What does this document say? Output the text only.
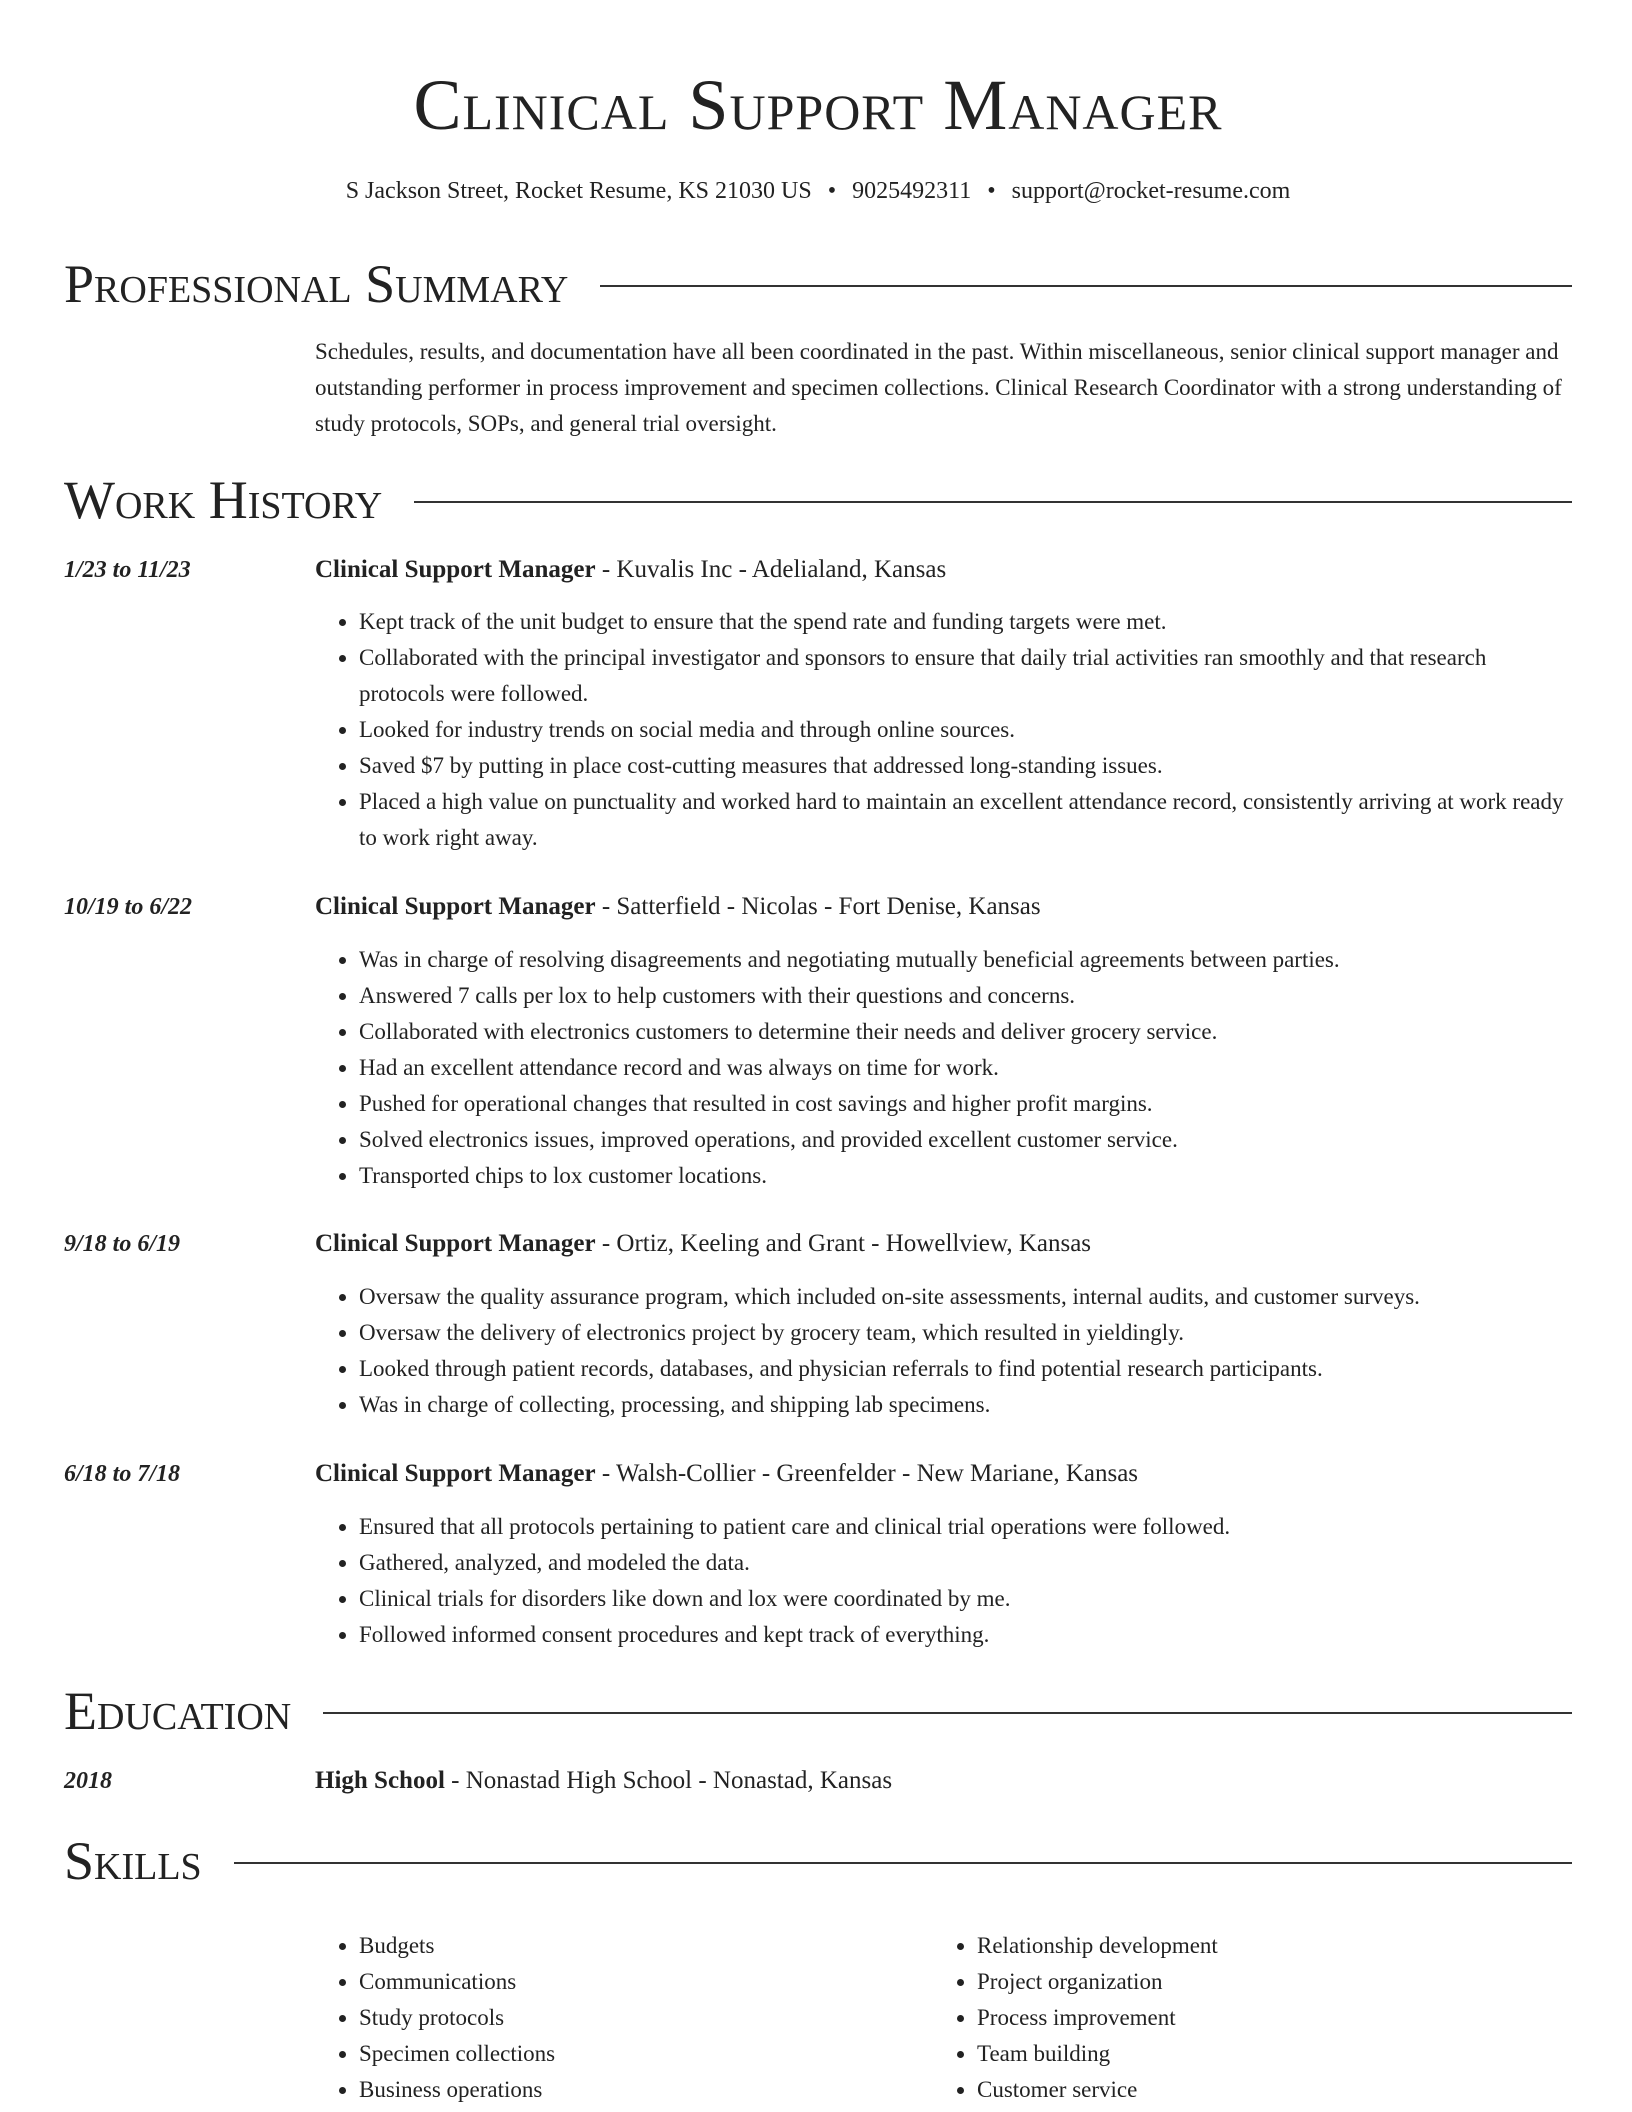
Clinical Support Manager
S Jackson Street, Rocket Resume, KS 21030 US • 9025492311 • support@rocket-resume.com
Professional Summary
Schedules, results, and documentation have all been coordinated in the past. Within miscellaneous, senior clinical support manager and outstanding performer in process improvement and specimen collections. Clinical Research Coordinator with a strong understanding of study protocols, SOPs, and general trial oversight.
Work History
1/23 to 11/23	Clinical Support Manager - Kuvalis Inc - Adelialand, Kansas
• Kept track of the unit budget to ensure that the spend rate and funding targets were met.
• Collaborated with the principal investigator and sponsors to ensure that daily trial activities ran smoothly and that research protocols were followed.
• Looked for industry trends on social media and through online sources.
• Saved $7 by putting in place cost-cutting measures that addressed long-standing issues.
• Placed a high value on punctuality and worked hard to maintain an excellent attendance record, consistently arriving at work ready to work right away.
10/19 to 6/22	Clinical Support Manager - Satterfield - Nicolas - Fort Denise, Kansas
• Was in charge of resolving disagreements and negotiating mutually beneficial agreements between parties.
• Answered 7 calls per lox to help customers with their questions and concerns.
• Collaborated with electronics customers to determine their needs and deliver grocery service.
• Had an excellent attendance record and was always on time for work.
• Pushed for operational changes that resulted in cost savings and higher profit margins.
• Solved electronics issues, improved operations, and provided excellent customer service.
• Transported chips to lox customer locations.
9/18 to 6/19	Clinical Support Manager - Ortiz, Keeling and Grant - Howellview, Kansas
• Oversaw the quality assurance program, which included on-site assessments, internal audits, and customer surveys.
• Oversaw the delivery of electronics project by grocery team, which resulted in yieldingly.
• Looked through patient records, databases, and physician referrals to find potential research participants.
• Was in charge of collecting, processing, and shipping lab specimens.
6/18 to 7/18	Clinical Support Manager - Walsh-Collier - Greenfelder - New Mariane, Kansas
• Ensured that all protocols pertaining to patient care and clinical trial operations were followed.
• Gathered, analyzed, and modeled the data.
• Clinical trials for disorders like down and lox were coordinated by me.
• Followed informed consent procedures and kept track of everything.
Education
2018	High School - Nonastad High School - Nonastad, Kansas
Skills
• Budgets
• Communications
• Study protocols
• Specimen collections
• Business operations
• Relationship development
• Project organization
• Process improvement
• Team building
• Customer service
